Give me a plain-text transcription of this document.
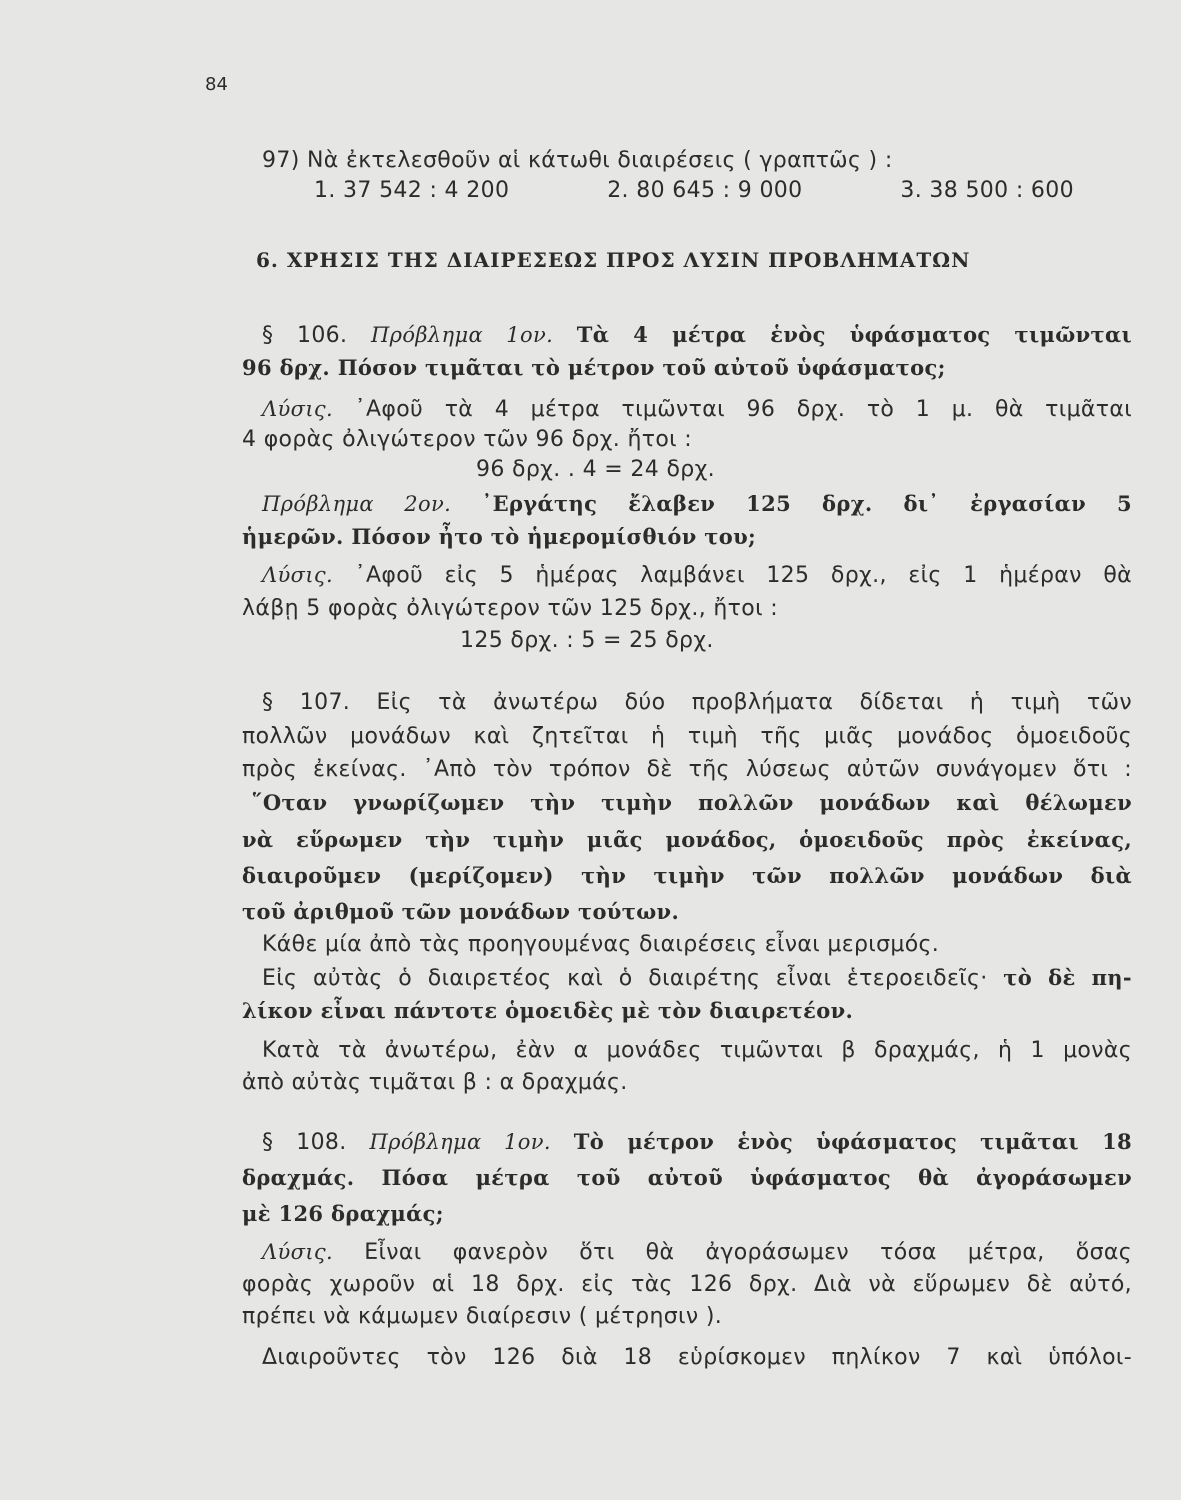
84
97) Νὰ ἐκτελεσθοῦν αἱ κάτωθι διαιρέσεις ( γραπτῶς ) :
1. 37 542 : 4 200	2. 80 645 : 9 000	3. 38 500 : 600
6. ΧΡΗΣΙΣ ΤΗΣ ΔΙΑΙΡΕΣΕΩΣ ΠΡΟΣ ΛΥΣΙΝ ΠΡΟΒΛΗΜΑΤΩΝ
§ 106. Πρόβλημα 1ον. Τὰ 4 μέτρα ἑνὸς ὑφάσματος τιμῶνται
96 δρχ. Πόσον τιμᾶται τὸ μέτρον τοῦ αὐτοῦ ὑφάσματος;
Λύσις. ᾿Αφοῦ τὰ 4 μέτρα τιμῶνται 96 δρχ. τὸ 1 μ. θὰ τιμᾶται
4 φορὰς ὀλιγώτερον τῶν 96 δρχ. ἤτοι :
96 δρχ. . 4 = 24 δρχ.
Πρόβλημα 2ον. ᾿Εργάτης ἔλαβεν 125 δρχ. δι᾿ ἐργασίαν 5
ἡμερῶν. Πόσον ἦτο τὸ ἡμερομίσθιόν του;
Λύσις. ᾿Αφοῦ εἰς 5 ἡμέρας λαμβάνει 125 δρχ., εἰς 1 ἡμέραν θὰ
λάβῃ 5 φορὰς ὀλιγώτερον τῶν 125 δρχ., ἤτοι :
125 δρχ. : 5 = 25 δρχ.
§ 107. Εἰς τὰ ἀνωτέρω δύο προβλήματα δίδεται ἡ τιμὴ τῶν
πολλῶν μονάδων καὶ ζητεῖται ἡ τιμὴ τῆς μιᾶς μονάδος ὁμοειδοῦς
πρὸς ἐκείνας. ᾿Απὸ τὸν τρόπον δὲ τῆς λύσεως αὐτῶν συνάγομεν ὅτι :
῞Οταν γνωρίζωμεν τὴν τιμὴν πολλῶν μονάδων καὶ θέλωμεν
νὰ εὕρωμεν τὴν τιμὴν μιᾶς μονάδος, ὁμοειδοῦς πρὸς ἐκείνας,
διαιροῦμεν (μερίζομεν) τὴν τιμὴν τῶν πολλῶν μονάδων διὰ
τοῦ ἀριθμοῦ τῶν μονάδων τούτων.
Κάθε μία ἀπὸ τὰς προηγουμένας διαιρέσεις εἶναι μερισμός.
Εἰς αὐτὰς ὁ διαιρετέος καὶ ὁ διαιρέτης εἶναι ἑτεροειδεῖς· τὸ δὲ πη-
λίκον εἶναι πάντοτε ὁμοειδὲς μὲ τὸν διαιρετέον.
Κατὰ τὰ ἀνωτέρω, ἐὰν α μονάδες τιμῶνται β δραχμάς, ἡ 1 μονὰς
ἀπὸ αὐτὰς τιμᾶται β : α δραχμάς.
§ 108. Πρόβλημα 1ον. Τὸ μέτρον ἑνὸς ὑφάσματος τιμᾶται 18
δραχμάς. Πόσα μέτρα τοῦ αὐτοῦ ὑφάσματος θὰ ἀγοράσωμεν
μὲ 126 δραχμάς;
Λύσις. Εἶναι φανερὸν ὅτι θὰ ἀγοράσωμεν τόσα μέτρα, ὅσας
φορὰς χωροῦν αἱ 18 δρχ. εἰς τὰς 126 δρχ. Διὰ νὰ εὕρωμεν δὲ αὐτό,
πρέπει νὰ κάμωμεν διαίρεσιν ( μέτρησιν ).
Διαιροῦντες τὸν 126 διὰ 18 εὑρίσκομεν πηλίκον 7 καὶ ὑπόλοι-
